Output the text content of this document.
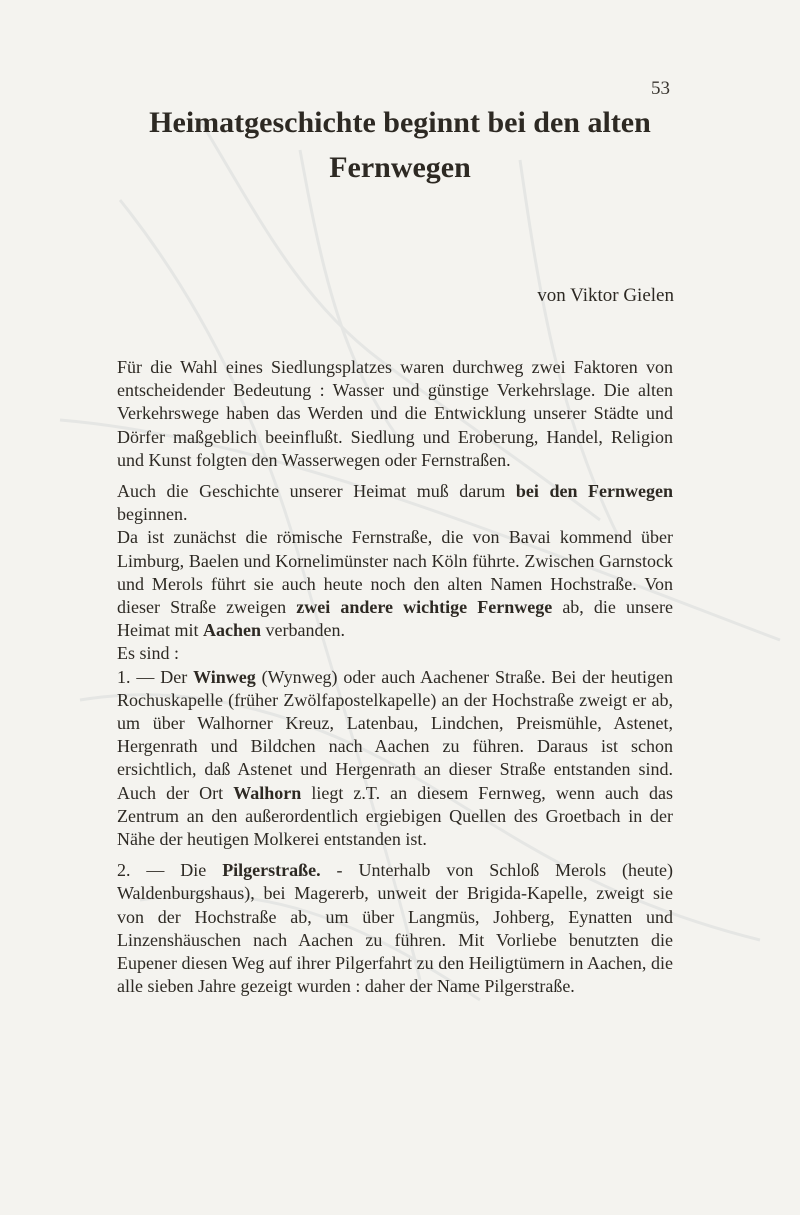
53
Heimatgeschichte beginnt bei den alten Fernwegen
von Viktor Gielen

Für die Wahl eines Siedlungsplatzes waren durchweg zwei Faktoren von entscheidender Bedeutung : Wasser und günstige Verkehrslage. Die alten Verkehrswege haben das Werden und die Entwicklung unserer Städte und Dörfer maßgeblich beeinflußt. Siedlung und Eroberung, Handel, Religion und Kunst folgten den Wasserwegen oder Fernstraßen.

Auch die Geschichte unserer Heimat muß darum bei den Fernwegen beginnen.

Da ist zunächst die römische Fernstraße, die von Bavai kommend über Limburg, Baelen und Kornelimünster nach Köln führte. Zwischen Garnstock und Merols führt sie auch heute noch den alten Namen Hochstraße. Von dieser Straße zweigen zwei andere wichtige Fernwege ab, die unsere Heimat mit Aachen verbanden.

Es sind :

1. — Der Winweg (Wynweg) oder auch Aachener Straße. Bei der heutigen Rochuskapelle (früher Zwölfapostelkapelle) an der Hochstraße zweigt er ab, um über Walhorner Kreuz, Latenbau, Lindchen, Preismühle, Astenet, Hergenrath und Bildchen nach Aachen zu führen. Daraus ist schon ersichtlich, daß Astenet und Hergenrath an dieser Straße entstanden sind. Auch der Ort Walhorn liegt z.T. an diesem Fernweg, wenn auch das Zentrum an den außerordentlich ergiebigen Quellen des Groetbach in der Nähe der heutigen Molkerei entstanden ist.

2. — Die Pilgerstraße. - Unterhalb von Schloß Merols (heute) Waldenburgshaus), bei Magererb, unweit der Brigida-Kapelle, zweigt sie von der Hochstraße ab, um über Langmüs, Johberg, Eynatten und Linzenshäuschen nach Aachen zu führen. Mit Vorliebe benutzten die Eupener diesen Weg auf ihrer Pilgerfahrt zu den Heiligtümern in Aachen, die alle sieben Jahre gezeigt wurden : daher der Name Pilgerstraße.
